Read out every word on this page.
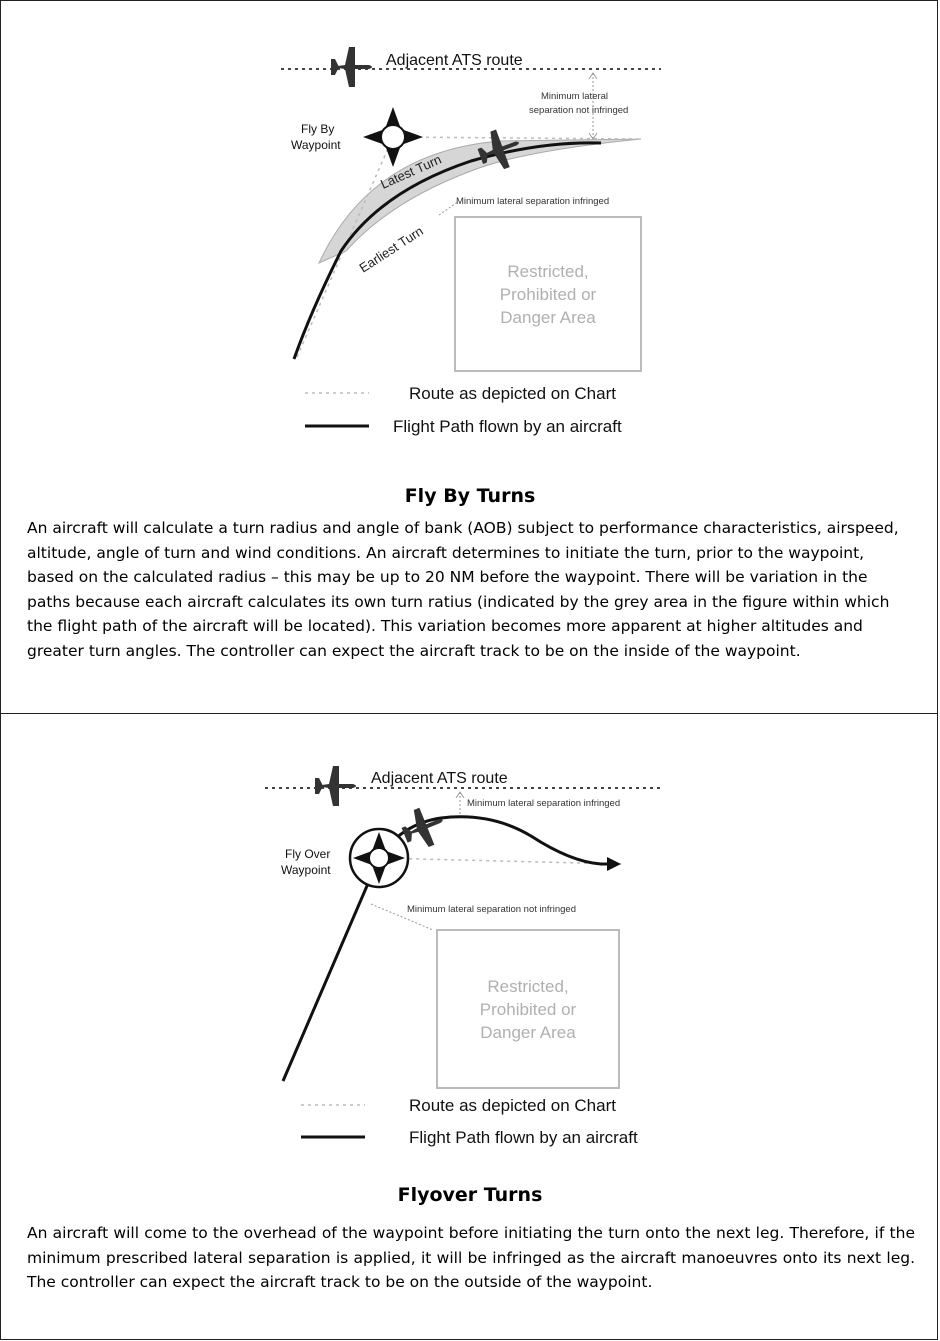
Adjacent ATS route
Minimum lateral
separation not infringed
Fly By
Waypoint
Latest Turn
Earliest Turn
Minimum lateral separation infringed
Restricted,
Prohibited or
Danger Area
Route as depicted on Chart
Flight Path flown by an aircraft
Fly By Turns
An aircraft will calculate a turn radius and angle of bank (AOB) subject to performance characteristics, airspeed, altitude, angle of turn and wind conditions. An aircraft determines to initiate the turn, prior to the waypoint, based on the calculated radius – this may be up to 20 NM before the waypoint. There will be variation in the paths because each aircraft calculates its own turn ratius (indicated by the grey area in the figure within which the flight path of the aircraft will be located). This variation becomes more apparent at higher altitudes and greater turn angles. The controller can expect the aircraft track to be on the inside of the waypoint.
Adjacent ATS route
Minimum lateral separation infringed
Fly Over
Waypoint
Minimum lateral separation not infringed
Restricted,
Prohibited or
Danger Area
Route as depicted on Chart
Flight Path flown by an aircraft
Flyover Turns
An aircraft will come to the overhead of the waypoint before initiating the turn onto the next leg. Therefore, if the minimum prescribed lateral separation is applied, it will be infringed as the aircraft manoeuvres onto its next leg. The controller can expect the aircraft track to be on the outside of the waypoint.
